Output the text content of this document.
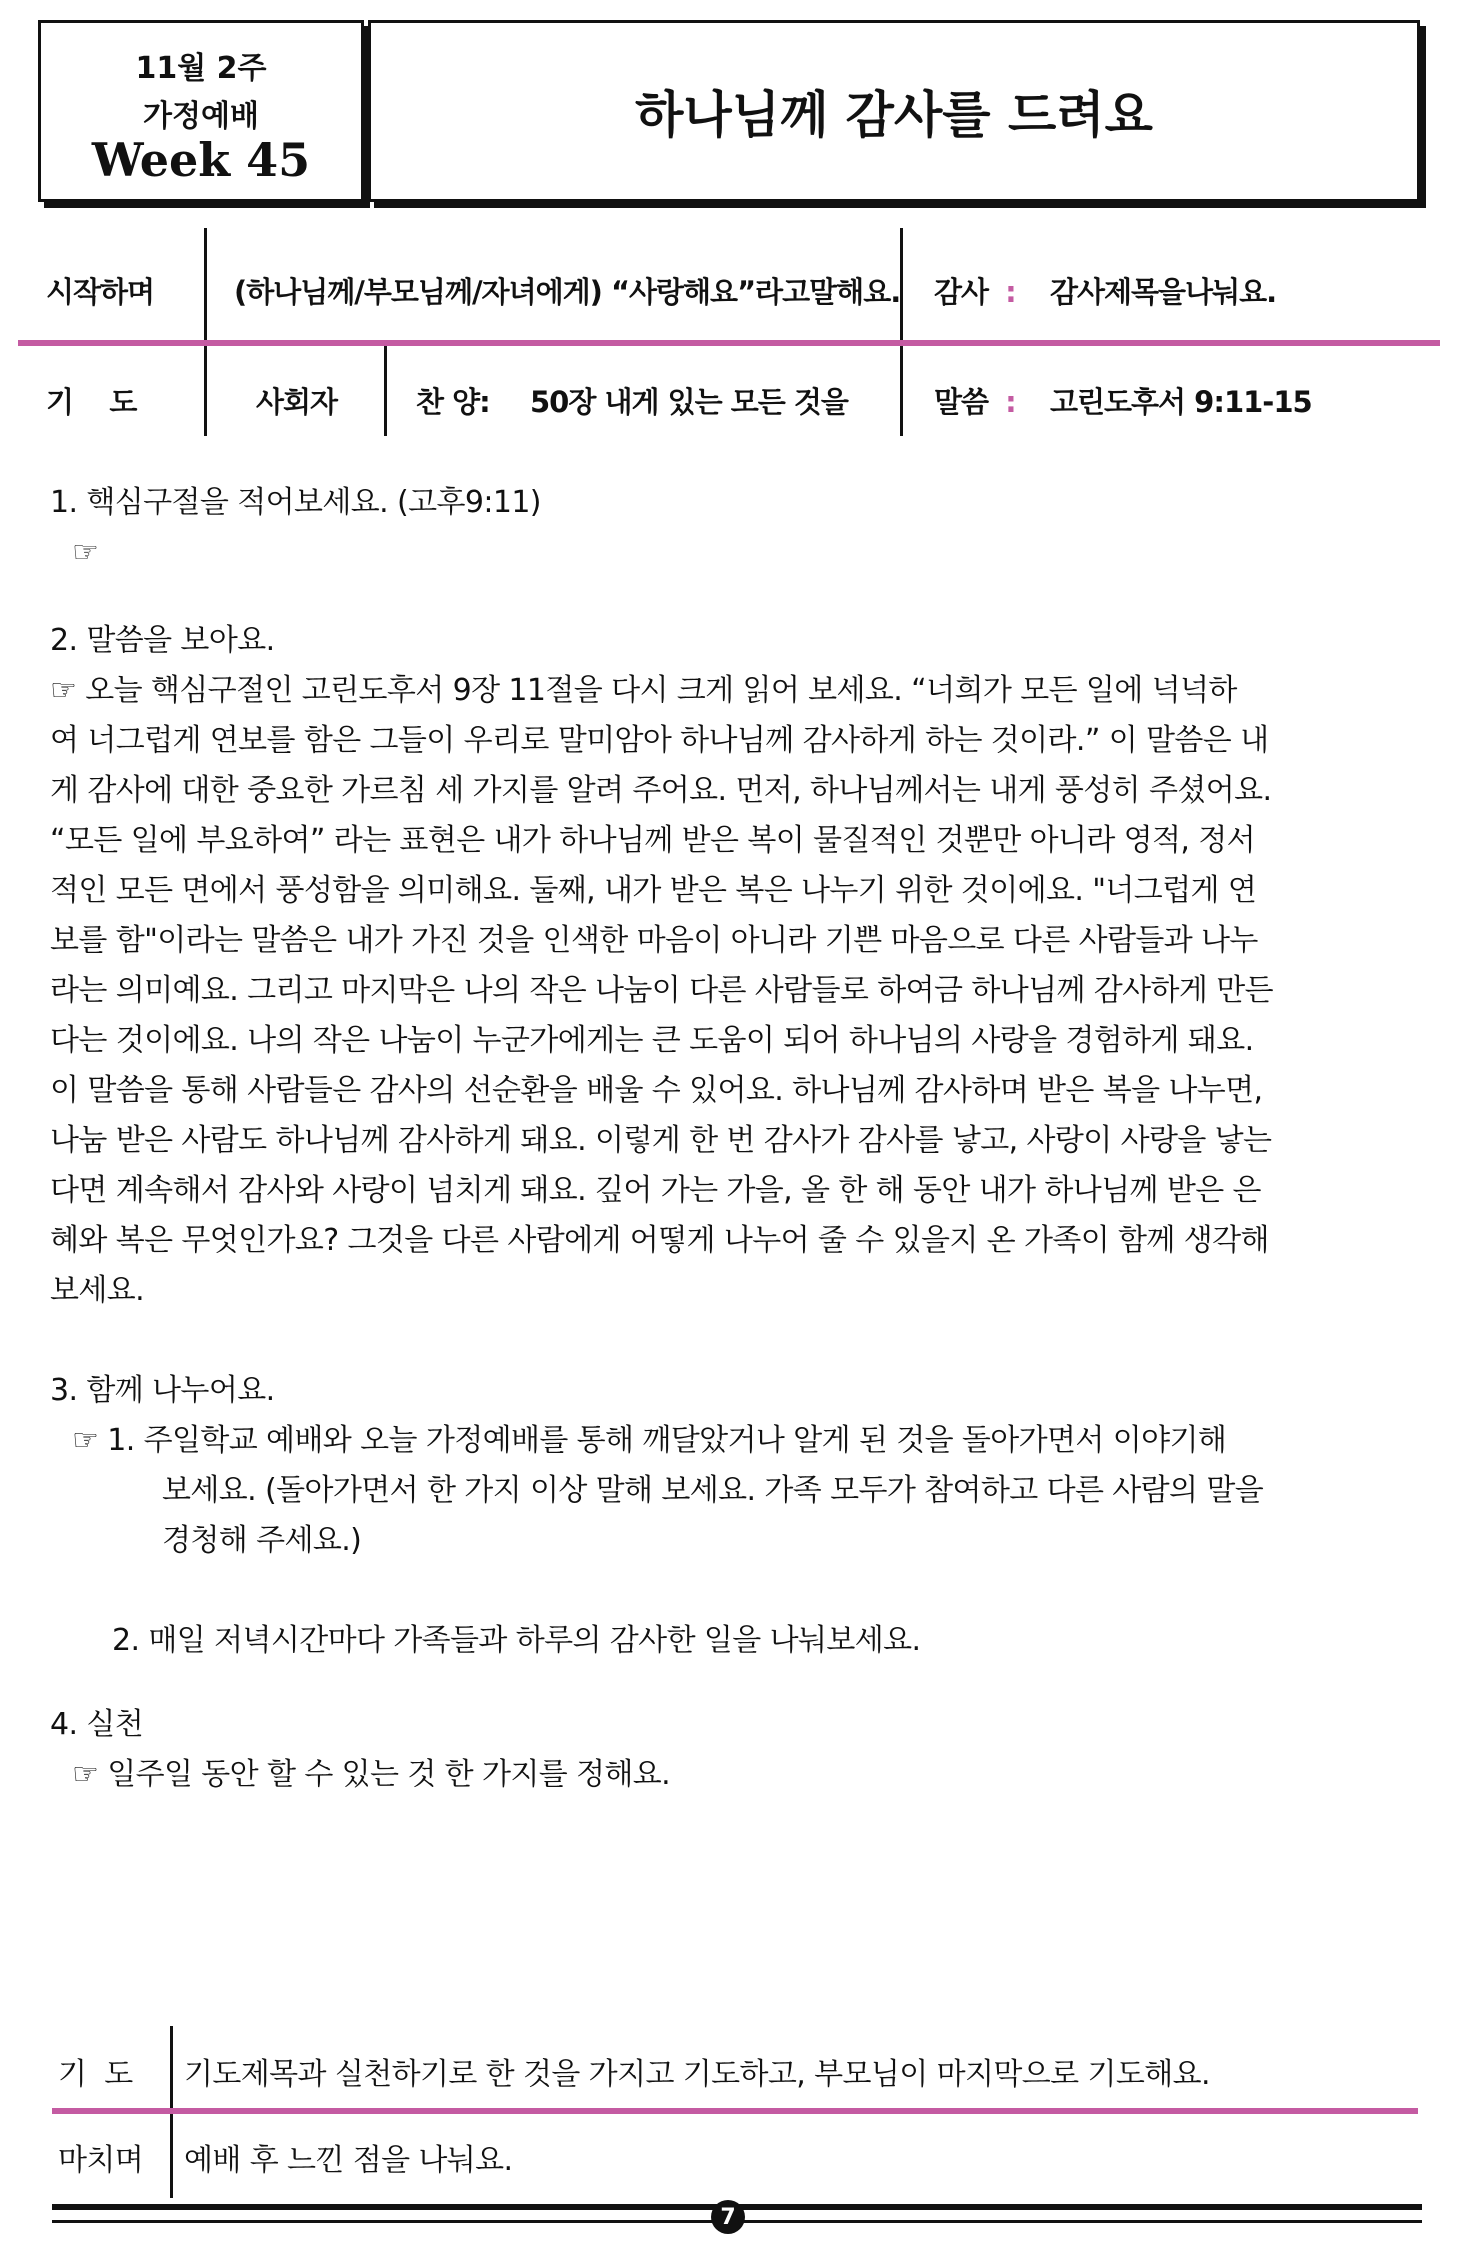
11월 2주
가정예배
Week 45
하나님께 감사를 드려요
시작하며	(하나님께/부모님께/자녀에게) “사랑해요”라고말해요. 감사 : 감사제목을나눠요.
기    도	사회자	찬 양: 50장 내게 있는 모든 것을	말씀 : 고린도후서 9:11-15
1. 핵심구절을 적어보세요. (고후9:11)
☞
2. 말씀을 보아요.
☞ 오늘 핵심구절인 고린도후서 9장 11절을 다시 크게 읽어 보세요. “너희가 모든 일에 넉넉하
여 너그럽게 연보를 함은 그들이 우리로 말미암아 하나님께 감사하게 하는 것이라.” 이 말씀은 내
게 감사에 대한 중요한 가르침 세 가지를 알려 주어요. 먼저, 하나님께서는 내게 풍성히 주셨어요.
“모든 일에 부요하여” 라는 표현은 내가 하나님께 받은 복이 물질적인 것뿐만 아니라 영적, 정서
적인 모든 면에서 풍성함을 의미해요. 둘째, 내가 받은 복은 나누기 위한 것이에요. "너그럽게 연
보를 함"이라는 말씀은 내가 가진 것을 인색한 마음이 아니라 기쁜 마음으로 다른 사람들과 나누
라는 의미예요. 그리고 마지막은 나의 작은 나눔이 다른 사람들로 하여금 하나님께 감사하게 만든
다는 것이에요. 나의 작은 나눔이 누군가에게는 큰 도움이 되어 하나님의 사랑을 경험하게 돼요.
이 말씀을 통해 사람들은 감사의 선순환을 배울 수 있어요. 하나님께 감사하며 받은 복을 나누면,
나눔 받은 사람도 하나님께 감사하게 돼요. 이렇게 한 번 감사가 감사를 낳고, 사랑이 사랑을 낳는
다면 계속해서 감사와 사랑이 넘치게 돼요. 깊어 가는 가을, 올 한 해 동안 내가 하나님께 받은 은
혜와 복은 무엇인가요? 그것을 다른 사람에게 어떻게 나누어 줄 수 있을지 온 가족이 함께 생각해
보세요.
3. 함께 나누어요.
☞ 1. 주일학교 예배와 오늘 가정예배를 통해 깨달았거나 알게 된 것을 돌아가면서 이야기해
보세요. (돌아가면서 한 가지 이상 말해 보세요. 가족 모두가 참여하고 다른 사람의 말을
경청해 주세요.)
2. 매일 저녁시간마다 가족들과 하루의 감사한 일을 나눠보세요.
4. 실천
☞ 일주일 동안 할 수 있는 것 한 가지를 정해요.
기  도 기도제목과 실천하기로 한 것을 가지고 기도하고, 부모님이 마지막으로 기도해요.
마치며 예배 후 느낀 점을 나눠요.
7
